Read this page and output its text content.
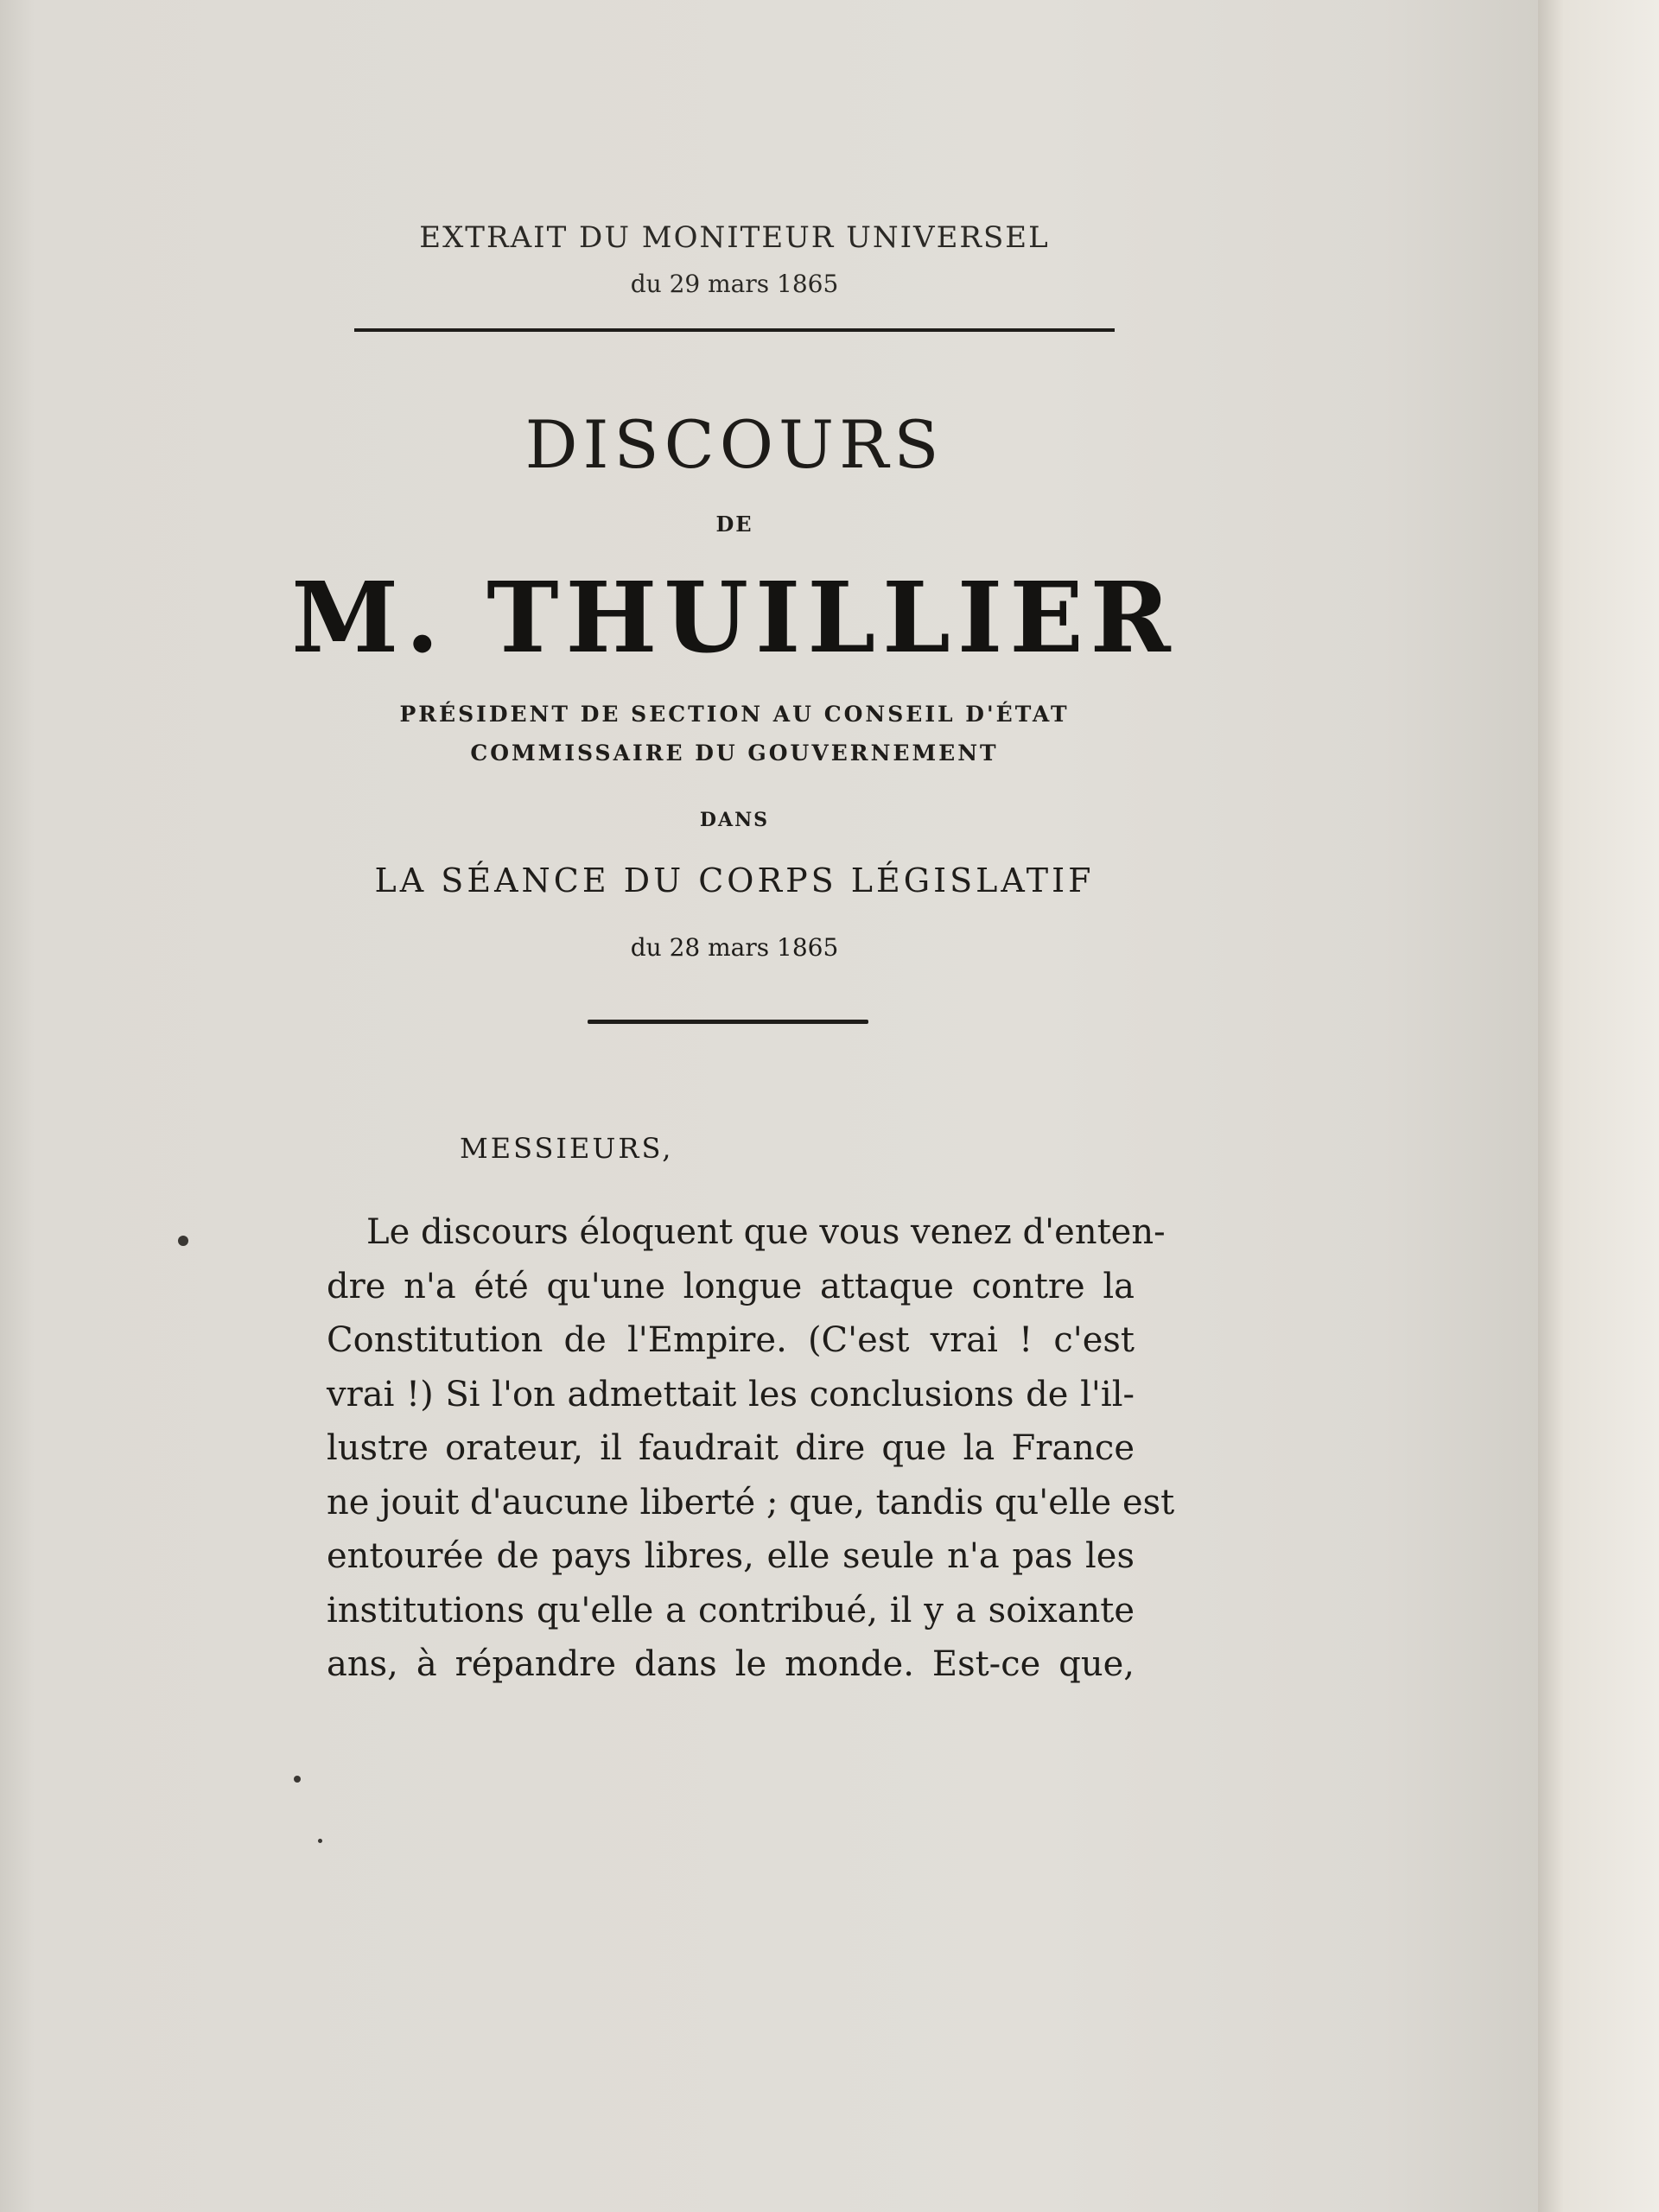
EXTRAIT DU MONITEUR UNIVERSEL
du 29 mars 1865
DISCOURS
DE
M. THUILLIER
PRÉSIDENT DE SECTION AU CONSEIL D'ÉTAT
COMMISSAIRE DU GOUVERNEMENT
DANS
LA SÉANCE DU CORPS LÉGISLATIF
du 28 mars 1865
MESSIEURS,
Le discours éloquent que vous venez d'enten-
dre n'a été qu'une longue attaque contre la
Constitution de l'Empire. (C'est vrai ! c'est
vrai !) Si l'on admettait les conclusions de l'il-
lustre orateur, il faudrait dire que la France
ne jouit d'aucune liberté ; que, tandis qu'elle est
entourée de pays libres, elle seule n'a pas les
institutions qu'elle a contribué, il y a soixante
ans, à répandre dans le monde. Est-ce que,
